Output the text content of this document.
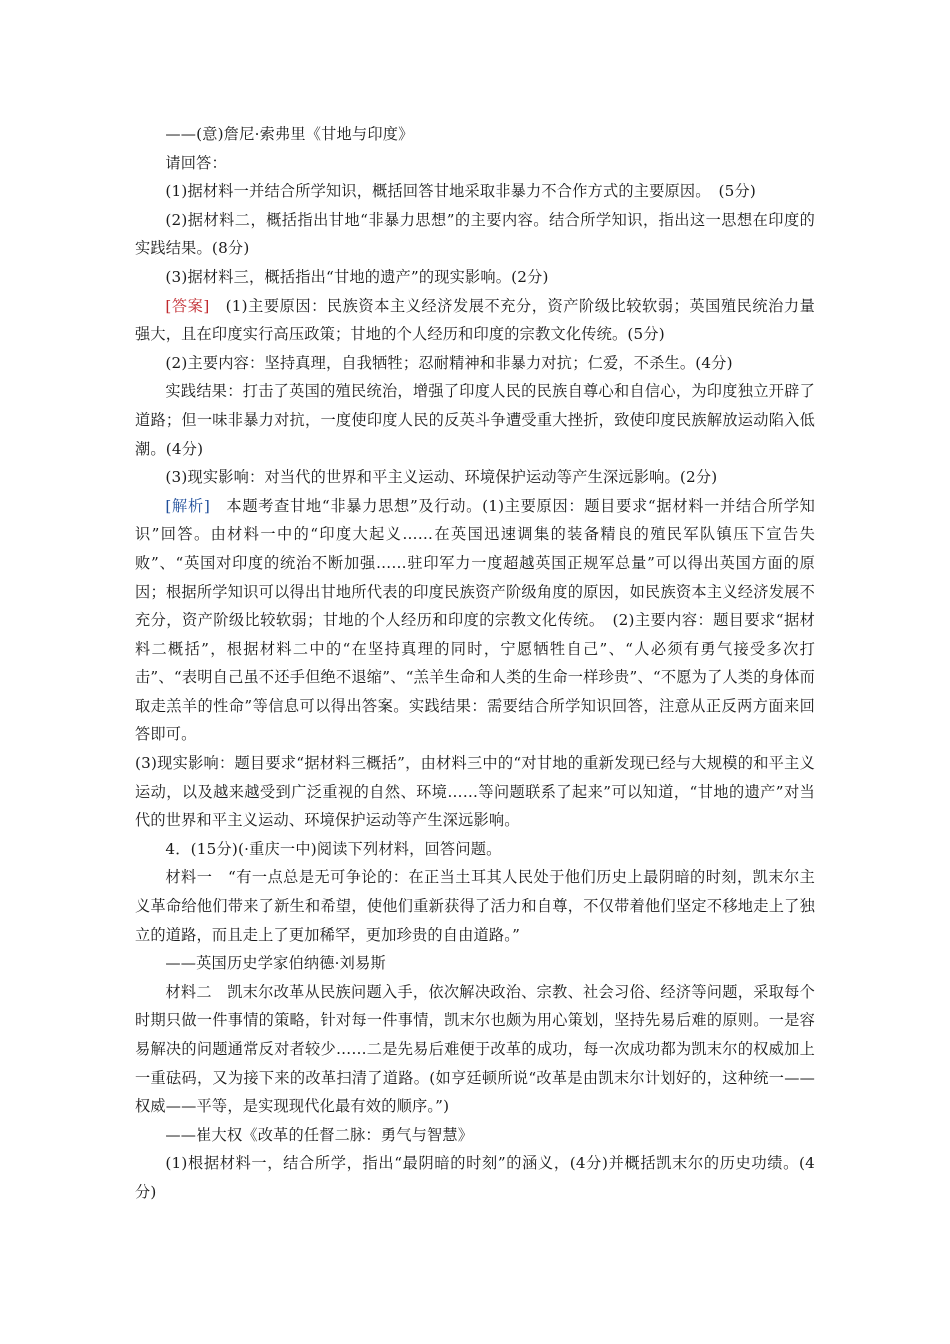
——(意)詹尼·索弗里《甘地与印度》

请回答：

(1)据材料一并结合所学知识，概括回答甘地采取非暴力不合作方式的主要原因。　(5分)

(2)据材料二，概括指出甘地“非暴力思想”的主要内容。结合所学知识，指出这一思想在印度的实践结果。(8分)

(3)据材料三，概括指出“甘地的遗产”的现实影响。(2分)

[答案]　(1)主要原因：民族资本主义经济发展不充分，资产阶级比较软弱；英国殖民统治力量强大，且在印度实行高压政策；甘地的个人经历和印度的宗教文化传统。(5分)

(2)主要内容：坚持真理，自我牺牲；忍耐精神和非暴力对抗；仁爱，不杀生。(4分)

实践结果：打击了英国的殖民统治，增强了印度人民的民族自尊心和自信心，为印度独立开辟了道路；但一味非暴力对抗，一度使印度人民的反英斗争遭受重大挫折，致使印度民族解放运动陷入低潮。(4分)

(3)现实影响：对当代的世界和平主义运动、环境保护运动等产生深远影响。(2分)

[解析]　本题考查甘地“非暴力思想”及行动。(1)主要原因：题目要求“据材料一并结合所学知识”回答。由材料一中的“印度大起义……在英国迅速调集的装备精良的殖民军队镇压下宣告失败”、“英国对印度的统治不断加强……驻印军力一度超越英国正规军总量”可以得出英国方面的原因；根据所学知识可以得出甘地所代表的印度民族资产阶级角度的原因，如民族资本主义经济发展不充分，资产阶级比较软弱；甘地的个人经历和印度的宗教文化传统。　(2)主要内容：题目要求“据材料二概括”，根据材料二中的“在坚持真理的同时，宁愿牺牲自己”、“人必须有勇气接受多次打击”、“表明自己虽不还手但绝不退缩”、“羔羊生命和人类的生命一样珍贵”、“不愿为了人类的身体而取走羔羊的性命”等信息可以得出答案。实践结果：需要结合所学知识回答，注意从正反两方面来回答即可。

(3)现实影响：题目要求“据材料三概括”，由材料三中的“对甘地的重新发现已经与大规模的和平主义运动，以及越来越受到广泛重视的自然、环境……等问题联系了起来”可以知道，“甘地的遗产”对当代的世界和平主义运动、环境保护运动等产生深远影响。

4．(15分)(·重庆一中)阅读下列材料，回答问题。

材料一　“有一点总是无可争论的：在正当土耳其人民处于他们历史上最阴暗的时刻，凯末尔主义革命给他们带来了新生和希望，使他们重新获得了活力和自尊，不仅带着他们坚定不移地走上了独立的道路，而且走上了更加稀罕，更加珍贵的自由道路。”

——英国历史学家伯纳德·刘易斯

材料二　凯末尔改革从民族问题入手，依次解决政治、宗教、社会习俗、经济等问题，采取每个时期只做一件事情的策略，针对每一件事情，凯末尔也颇为用心策划，坚持先易后难的原则。一是容易解决的问题通常反对者较少……二是先易后难便于改革的成功，每一次成功都为凯末尔的权威加上一重砝码，又为接下来的改革扫清了道路。(如亨廷顿所说“改革是由凯末尔计划好的，这种统一——权威——平等，是实现现代化最有效的顺序。”)

——崔大权《改革的任督二脉：勇气与智慧》

(1)根据材料一，结合所学，指出“最阴暗的时刻”的涵义，(4分)并概括凯末尔的历史功绩。(4分)
